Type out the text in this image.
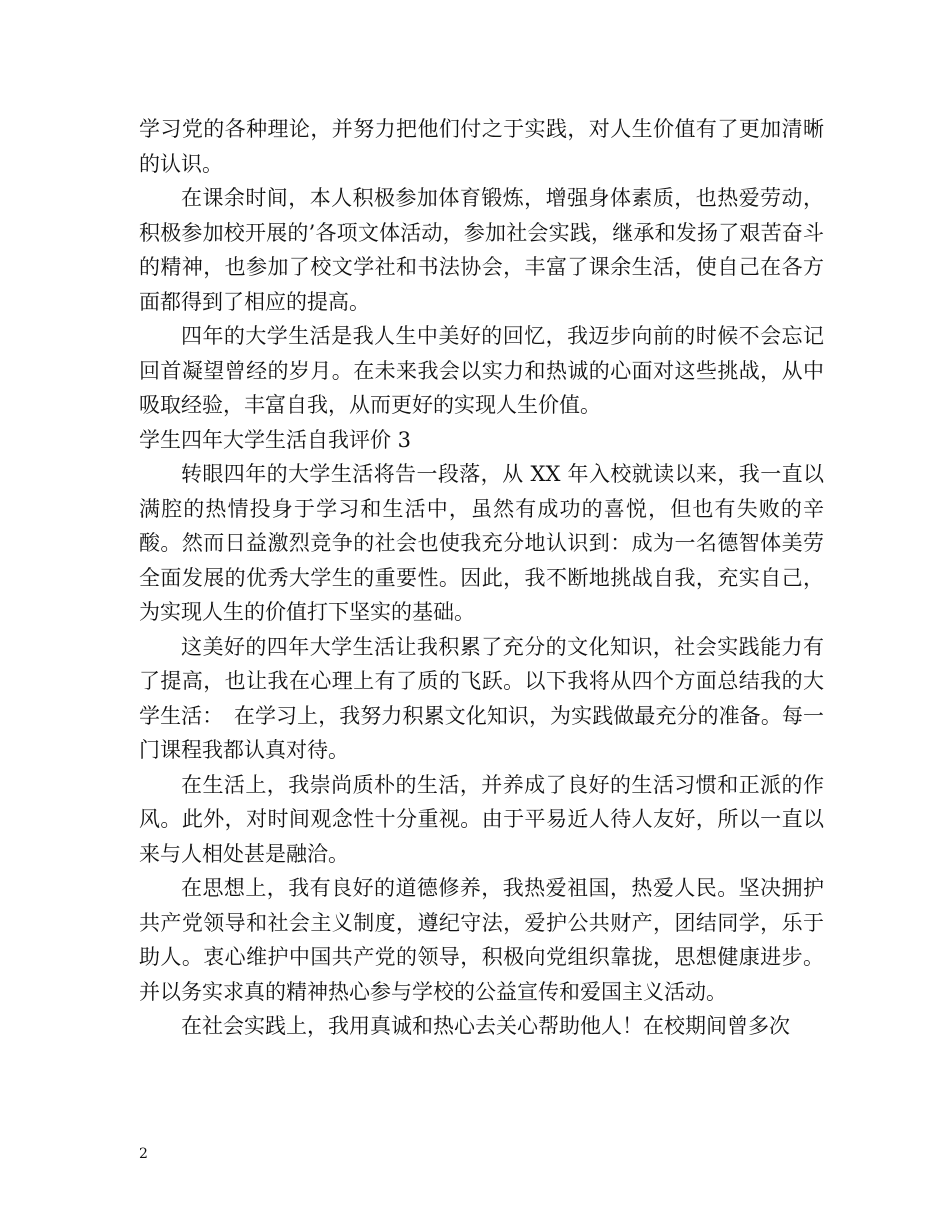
学习党的各种理论，并努力把他们付之于实践，对人生价值有了更加清晰的认识。

在课余时间，本人积极参加体育锻炼，增强身体素质，也热爱劳动，积极参加校开展的’各项文体活动，参加社会实践，继承和发扬了艰苦奋斗的精神，也参加了校文学社和书法协会，丰富了课余生活，使自己在各方面都得到了相应的提高。

四年的大学生活是我人生中美好的回忆，我迈步向前的时候不会忘记回首凝望曾经的岁月。在未来我会以实力和热诚的心面对这些挑战，从中吸取经验，丰富自我，从而更好的实现人生价值。

学生四年大学生活自我评价 3

转眼四年的大学生活将告一段落，从 XX 年入校就读以来，我一直以满腔的热情投身于学习和生活中，虽然有成功的喜悦，但也有失败的辛酸。然而日益激烈竞争的社会也使我充分地认识到：成为一名德智体美劳全面发展的优秀大学生的重要性。因此，我不断地挑战自我，充实自己，为实现人生的价值打下坚实的基础。

这美好的四年大学生活让我积累了充分的文化知识，社会实践能力有了提高，也让我在心理上有了质的飞跃。以下我将从四个方面总结我的大学生活：　在学习上，我努力积累文化知识，为实践做最充分的准备。每一门课程我都认真对待。

在生活上，我崇尚质朴的生活，并养成了良好的生活习惯和正派的作风。此外，对时间观念性十分重视。由于平易近人待人友好，所以一直以来与人相处甚是融洽。

在思想上，我有良好的道德修养，我热爱祖国，热爱人民。坚决拥护共产党领导和社会主义制度，遵纪守法，爱护公共财产，团结同学，乐于助人。衷心维护中国共产党的领导，积极向党组织靠拢，思想健康进步。并以务实求真的精神热心参与学校的公益宣传和爱国主义活动。

在社会实践上，我用真诚和热心去关心帮助他人！在校期间曾多次

2
